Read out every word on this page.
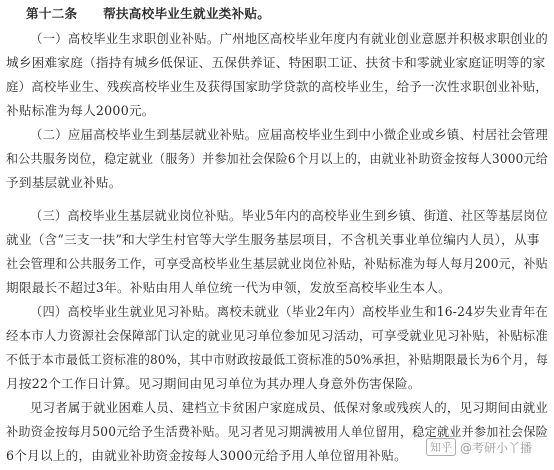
第十二条　　帮扶高校毕业生就业类补贴。
（一）高校毕业生求职创业补贴。广州地区高校毕业年度内有就业创业意愿并积极求职创业的
城乡困难家庭（指持有城乡低保证、五保供养证、特困职工证、扶贫卡和零就业家庭证明等的家
庭）高校毕业生、残疾高校毕业生及获得国家助学贷款的高校毕业生，给予一次性求职创业补贴，
补贴标准为每人2000元。
（二）应届高校毕业生到基层就业补贴。应届高校毕业生到中小微企业或乡镇、村居社会管理
和公共服务岗位，稳定就业（服务）并参加社会保险6个月以上的，由就业补助资金按每人3000元给
予到基层就业补贴。
（三）高校毕业生基层就业岗位补贴。毕业5年内的高校毕业生到乡镇、街道、社区等基层岗位
就业（含“三支一扶”和大学生村官等大学生服务基层项目，不含机关事业单位编内人员），从事
社会管理和公共服务工作，可享受高校毕业生基层就业岗位补贴，补贴标准为每人每月200元，补贴
期限最长不超过3年。补贴由用人单位统一代为申领，发放至高校毕业生本人。
（四）高校毕业生就业见习补贴。离校未就业（毕业2年内）高校毕业生和16-24岁失业青年在
经本市人力资源社会保障部门认定的就业见习单位参加见习活动，可享受就业见习补贴，补贴标准
不低于本市最低工资标准的80%，其中市财政按最低工资标准的50%承担，补贴期限最长为6个月，每
月按22个工作日计算。见习期间由见习单位为其办理人身意外伤害保险。
见习者属于就业困难人员、建档立卡贫困户家庭成员、低保对象或残疾人的，见习期间由就业
补助资金按每月500元给予生活费补贴。见习者见习期满被用人单位留用，稳定就业并参加社会保险
6个月以上的，由就业补助资金按每人3000元给予用人单位留用补贴。
知乎 @考研小丫播
